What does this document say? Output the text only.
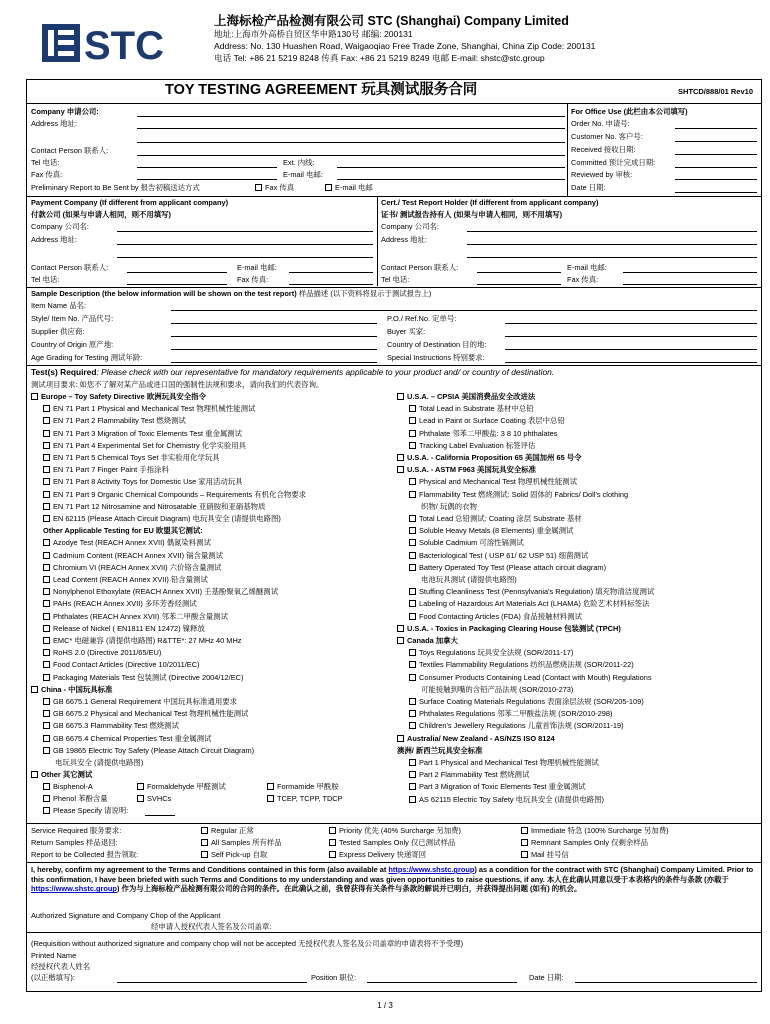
STC
上海标检产品检测有限公司 STC (Shanghai) Company Limited
地址:上海市外高桥自贸区华申路130号 邮编: 200131
Address: No. 130 Huashen Road, Waigaoqiao Free Trade Zone, Shanghai, China Zip Code: 200131
电话 Tel: +86 21 5219 8248 传真 Fax: +86 21 5219 8249 电邮 E-mail: shstc@stc.group
TOY TESTING AGREEMENT 玩具测试服务合同	SHTCD/888/01 Rev10
Company 申请公司:
Address 地址:
Contact Person 联系人:
Tel 电话:	Ext. 内线:
Fax 传真:	E-mail 电邮:
Preliminary Report to Be Sent by 报告初稿送达方式	Fax 传真	E-mail 电邮
For Office Use (此栏由本公司填写)
Order No. 申请号:
Customer No. 客户号:
Received 接收日期:
Committed 预计完成日期:
Reviewed by 审核:
Date 日期:
Payment Company (If different from applicant company)
付款公司 (如果与申请人相同，则不用填写)
Company 公司名:
Address 地址:
Contact Person 联系人:	E-mail 电邮:
Tel 电话:	Fax 传真:
Cert./ Test Report Holder (If different from applicant company)
证书/ 测试报告持有人 (如果与申请人相同，则不用填写)
Company 公司名:
Address 地址:
Contact Person 联系人:	E-mail 电邮:
Tel 电话:	Fax 传真:
Sample Description (the below information will be shown on the test report) 样品描述 (以下资料将显示于测试报告上)
Item Name 品名:
Style/ Item No. 产品代号:	P.O./ Ref.No. 定单号:
Supplier 供应商:	Buyer 买家:
Country of Origin 原产地:	Country of Destination 目的地:
Age Grading for Testing 测试年龄:	Special Instructions 特别要求:
Test(s) Required: Please check with our representative for mandatory requirements applicable to your product and/ or country of destination.
测试项目要求: 如您不了解对某产品或进口国的强制性法规和要求，请向我们的代表咨询。
Europe – Toy Safety Directive 欧洲玩具安全指令
EN 71 Part 1 Physical and Mechanical Test 物理机械性能测试
EN 71 Part 2 Flammability Test 燃烧测试
EN 71 Part 3 Migration of Toxic Elements Test 重金属测试
EN 71 Part 4 Experimental Set for Chemistry 化学实验用具
EN 71 Part 5 Chemical Toys Set 非实验用化学玩具
EN 71 Part 7 Finger Paint 手指涂料
EN 71 Part 8 Activity Toys for Domestic Use 家用活动玩具
EN 71 Part 9 Organic Chemical Compounds – Requirements 有机化合物要求
EN 71 Part 12 Nitrosamine and Nitrosatable 亚硝胺和亚硝基物质
EN 62115 (Please Attach Circuit Diagram) 电玩具安全 (请提供电路图)
Other Applicable Testing for EU 欧盟其它测试:
Azodye Test (REACH Annex XVII) 偶氮染料测试
Cadmium Content (REACH Annex XVII) 镉含量测试
Chromium VI (REACH Annex XVII) 六价铬含量测试
Lead Content (REACH Annex XVII) 铅含量测试
Nonylphenol Ethoxylate (REACH Annex XVII) 壬基酚聚氧乙烯醚测试
PAHs (REACH Annex XVII) 多环芳香烃测试
Phthalates (REACH Annex XVII) 邻苯二甲酸含量测试
Release of Nickel ( EN1811 EN 12472) 镍释放
EMC* 电磁兼容 (请提供电路图) R&TTE*: 27 MHz 40 MHz
RoHS 2.0 (Directive 2011/65/EU)
Food Contact Articles (Directive 10/2011/EC)
Packaging Materials Test 包装测试 (Directive 2004/12/EC)
China - 中国玩具标准
GB 6675.1 General Requirement 中国玩具标准通用要求
GB 6675.2 Physical and Mechanical Test 物理机械性能测试
GB 6675.3 Flammability Test 燃烧测试
GB 6675.4 Chemical Properties Test 重金属测试
GB 19865 Electric Toy Safety (Please Attach Circuit Diagram)
电玩具安全 (请提供电路图)
Other 其它测试
U.S.A. – CPSIA 美国消费品安全改进法
Total Lead in Substrate 基材中总铅
Lead in Paint or Surface Coating 表层中总铅
Phthalate 邻苯二甲酸盐: 3 8 10 phthalates
Tracking Label Evaluation 标签评估
U.S.A. - California Proposition 65 美国加州 65 号令
U.S.A. - ASTM F963 美国玩具安全标准
Physical and Mechanical Test 物理机械性能测试
Flammability Test 燃烧测试: Solid 固体的 Fabrics/ Doll's clothing
织物/ 玩偶的衣物
Total Lead 总铅测试: Coating 涂层 Substrate 基材
Soluble Heavy Metals (8 Elements) 重金属测试
Soluble Cadmium 可溶性镉测试
Bacteriological Test ( USP 61/ 62 USP 51) 细菌测试
Battery Operated Toy Test (Please attach circuit diagram)
电池玩具测试 (请提供电路图)
Stuffing Cleanliness Test (Pennsylvania's Regulation) 填充物清洁度测试
Labeling of Hazardous Art Materials Act (LHAMA) 危险艺术材料标签法
Food Contacting Articles (FDA) 食品接触材料测试
U.S.A. - Toxics in Packaging Clearing House 包装测试 (TPCH)
Canada 加拿大
Toys Regulations 玩具安全法规 (SOR/2011-17)
Textiles Flammability Regulations 纺织品燃烧法规 (SOR/2011-22)
Consumer Products Containing Lead (Contact with Mouth) Regulations
可能接触到嘴的含铅产品法规 (SOR/2010-273)
Surface Coating Materials Regulations 表面涂层法规 (SOR/205-109)
Phthalates Regulations 邻苯二甲酸盐法规 (SOR/2010-298)
Children's Jewellery Regulations 儿童首饰法规 (SOR/2011-19)
Australia/ New Zealand - AS/NZS ISO 8124
澳洲/ 新西兰玩具安全标准
Part 1 Physical and Mechanical Test 物理机械性能测试
Part 2 Flammability Test 燃烧测试
Part 3 Migration of Toxic Elements Test 重金属测试
AS 62115 Electric Toy Safety 电玩具安全 (请提供电路图)
Bisphenol-A	Formaldehyde 甲醛测试	Formamide 甲酰胺
Phenol 苯酚含量	SVHCs	TCEP, TCPP, TDCP
Please Specify 请说明:
Service Required 服务要求:	Regular 正常	Priority 优先 (40% Surcharge 另加费)	Immediate 特急 (100% Surcharge 另加费)
Return Samples 样品退回:	All Samples 所有样品	Tested Samples Only 仅已测试样品	Remnant Samples Only 仅剩余样品
Report to be Collected 报告领取:	Self Pick-up 自取	Express Delivery 快递寄回	Mail 挂号信
I, hereby, confirm my agreement to the Terms and Conditions contained in this form (also available at https://www.shstc.group) as a condition for the contract with STC (Shanghai) Company Limited. Prior to this confirmation, I have been briefed with such Terms and Conditions to my understanding and was given opportunities to raise questions, if any. 本人在此确认同意以受于本表格内的条件与条款 (亦载于 https://www.shstc.group) 作为与上海标检产品检测有限公司的合同的条件。在此确认之前，我曾获得有关条件与条款的解说并已明白，并获得提出问题 (如有) 的机会。
Authorized Signature and Company Chop of the Applicant
经申请人授权代表人签名及公司盖章:
(Requisition without authorized signature and company chop will not be accepted 无授权代表人签名及公司盖章的申请表将不予受理)
Printed Name
经授权代表人姓名
(以正楷填写):	Position 职位:	Date 日期:
1 / 3
